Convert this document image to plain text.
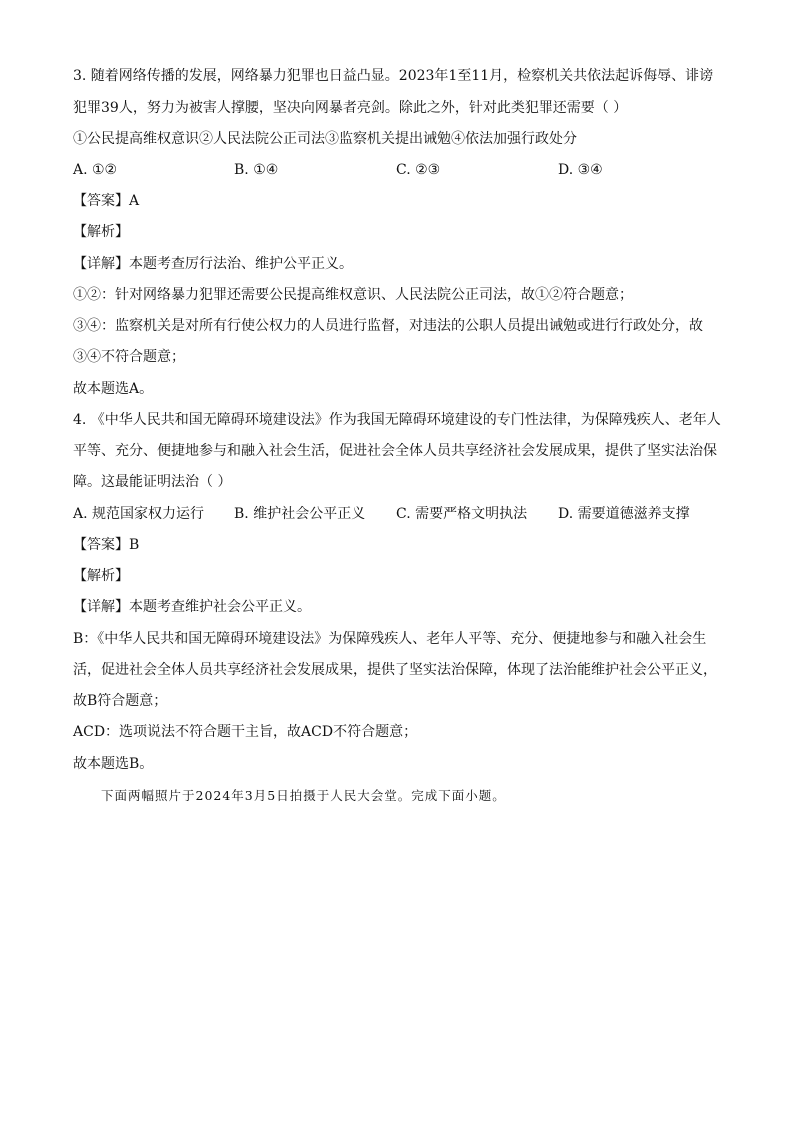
3. 随着网络传播的发展，网络暴力犯罪也日益凸显。2023年1至11月，检察机关共依法起诉侮辱、诽谤
犯罪39人，努力为被害人撑腰，坚决向网暴者亮剑。除此之外，针对此类犯罪还需要（ ）
①公民提高维权意识②人民法院公正司法③监察机关提出诫勉④依法加强行政处分
A. ①②	B. ①④	C. ②③	D. ③④
【答案】A
【解析】
【详解】本题考查厉行法治、维护公平正义。
①②：针对网络暴力犯罪还需要公民提高维权意识、人民法院公正司法，故①②符合题意；
③④：监察机关是对所有行使公权力的人员进行监督，对违法的公职人员提出诫勉或进行行政处分，故
③④不符合题意；
故本题选A。
4. 《中华人民共和国无障碍环境建设法》作为我国无障碍环境建设的专门性法律，为保障残疾人、老年人
平等、充分、便捷地参与和融入社会生活，促进社会全体人员共享经济社会发展成果，提供了坚实法治保
障。这最能证明法治（ ）
A. 规范国家权力运行 B. 维护社会公平正义 C. 需要严格文明执法 D. 需要道德滋养支撑
【答案】B
【解析】
【详解】本题考查维护社会公平正义。
B：《中华人民共和国无障碍环境建设法》为保障残疾人、老年人平等、充分、便捷地参与和融入社会生
活，促进社会全体人员共享经济社会发展成果，提供了坚实法治保障，体现了法治能维护社会公平正义，
故B符合题意；
ACD：选项说法不符合题干主旨，故ACD不符合题意；
故本题选B。
下面两幅照片于2024年3月5日拍摄于人民大会堂。完成下面小题。
